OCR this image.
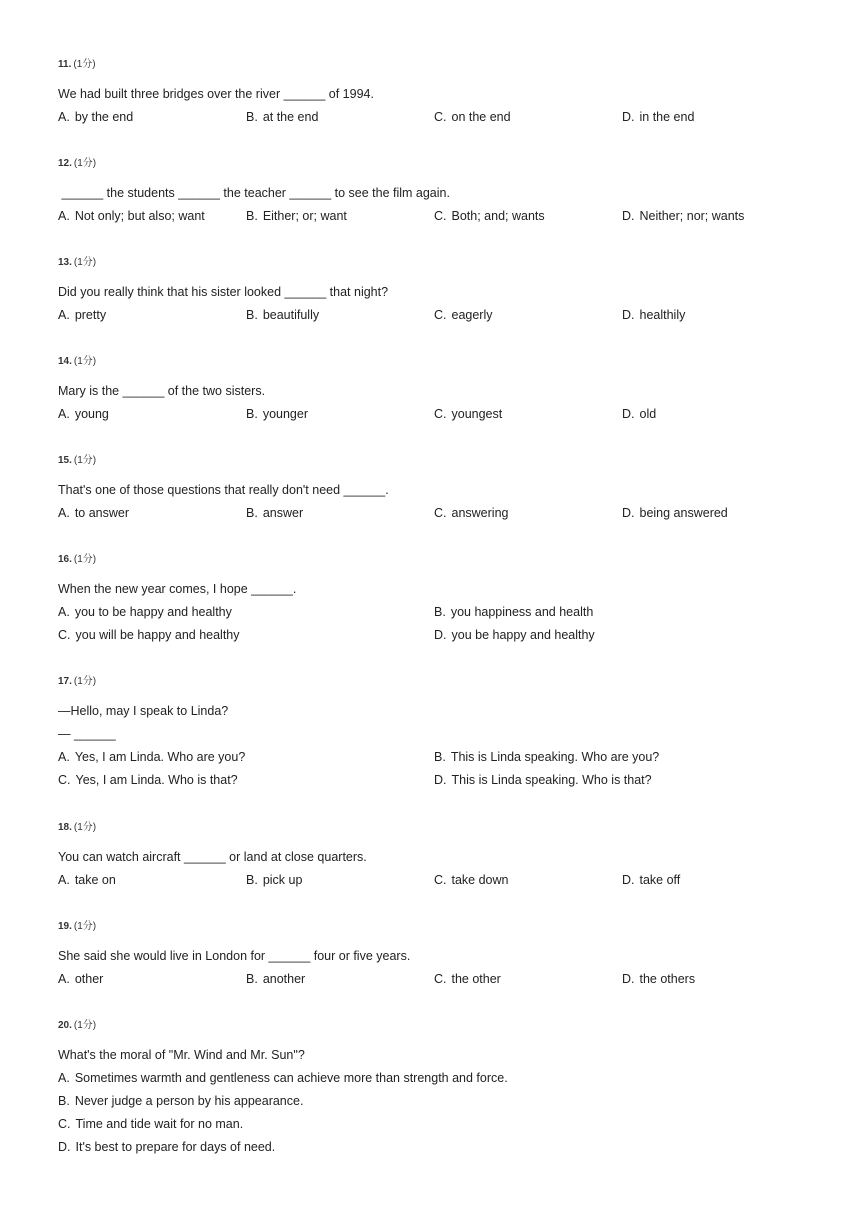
11. (1分)
We had built three bridges over the river ______ of 1994.
A. by the end	B. at the end	C. on the end	D. in the end
12. (1分)
______ the students ______ the teacher ______ to see the film again.
A. Not only; but also; want	B. Either; or; want	C. Both; and; wants	D. Neither; nor; wants
13. (1分)
Did you really think that his sister looked ______ that night?
A. pretty	B. beautifully	C. eagerly	D. healthily
14. (1分)
Mary is the ______ of the two sisters.
A. young	B. younger	C. youngest	D. old
15. (1分)
That's one of those questions that really don't need ______.
A. to answer	B. answer	C. answering	D. being answered
16. (1分)
When the new year comes, I hope ______.
A. you to be happy and healthy	B. you happiness and health
C. you will be happy and healthy	D. you be happy and healthy
17. (1分)
—Hello, may I speak to Linda?
— ______
A. Yes, I am Linda. Who are you?	B. This is Linda speaking. Who are you?
C. Yes, I am Linda. Who is that?	D. This is Linda speaking. Who is that?
18. (1分)
You can watch aircraft ______ or land at close quarters.
A. take on	B. pick up	C. take down	D. take off
19. (1分)
She said she would live in London for ______ four or five years.
A. other	B. another	C. the other	D. the others
20. (1分)
What's the moral of "Mr. Wind and Mr. Sun"?
A. Sometimes warmth and gentleness can achieve more than strength and force.
B. Never judge a person by his appearance.
C. Time and tide wait for no man.
D. It's best to prepare for days of need.
